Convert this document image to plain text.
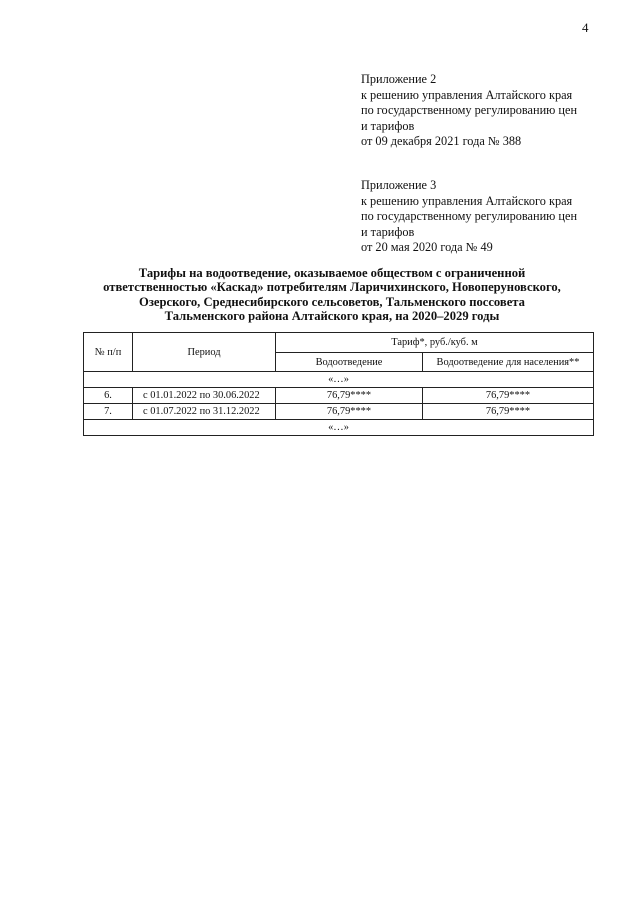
4
Приложение 2
к решению управления Алтайского края
по государственному регулированию цен
и тарифов
от 09 декабря 2021 года № 388
Приложение 3
к решению управления Алтайского края
по государственному регулированию цен
и тарифов
от 20 мая 2020 года № 49
Тарифы на водоотведение, оказываемое обществом с ограниченной
ответственностью «Каскад» потребителям Ларичихинского, Новоперуновского,
Озерского, Среднесибирского сельсоветов, Тальменского поссовета
Тальменского района Алтайского края, на 2020–2029 годы
№ п/п	Период	Тариф*, руб./куб. м	
		Водоотведение	Водоотведение для населения**
«…»			
6.	с 01.01.2022 по 30.06.2022	76,79****	76,79****
7.	с 01.07.2022 по 31.12.2022	76,79****	76,79****
«…»			
